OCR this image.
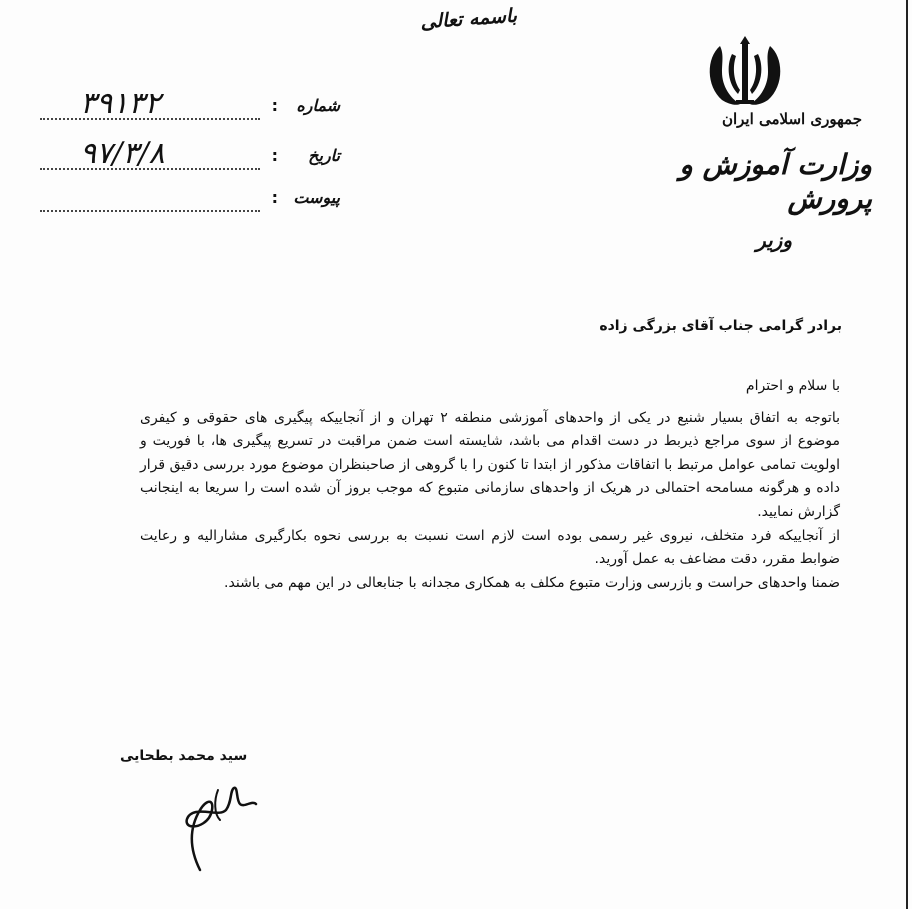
باسمه تعالی
جمهوری اسلامی ایران
وزارت آموزش و پرورش
وزیر
شماره
:
۳۹۱۳۲
تاریخ
:
۹۷/۳/۸
پیوست
:
برادر گرامی جناب آقای بزرگی زاده

با سلام و احترام

باتوجه به اتفاق بسیار شنیع در یکی از واحدهای آموزشی منطقه ۲ تهران و از آنجاییکه پیگیری های حقوقی و کیفری موضوع از سوی مراجع ذیربط در دست اقدام می باشد، شایسته است ضمن مراقبت در تسریع پیگیری ها، با فوریت و اولویت تمامی عوامل مرتبط با اتفاقات مذکور از ابتدا تا کنون را با گروهی از صاحبنظران موضوع مورد بررسی دقیق قرار داده و هرگونه مسامحه احتمالی در هریک از واحدهای سازمانی متبوع که موجب بروز آن شده است را سریعا به اینجانب گزارش نمایید.

از آنجاییکه فرد متخلف، نیروی غیر رسمی بوده است لازم است نسبت به بررسی نحوه بکارگیری مشارالیه و رعایت ضوابط مقرر، دقت مضاعف به عمل آورید.

ضمنا واحدهای حراست و بازرسی وزارت متبوع مکلف به همکاری مجدانه با جنابعالی در این مهم می باشند.

سید محمد بطحایی
